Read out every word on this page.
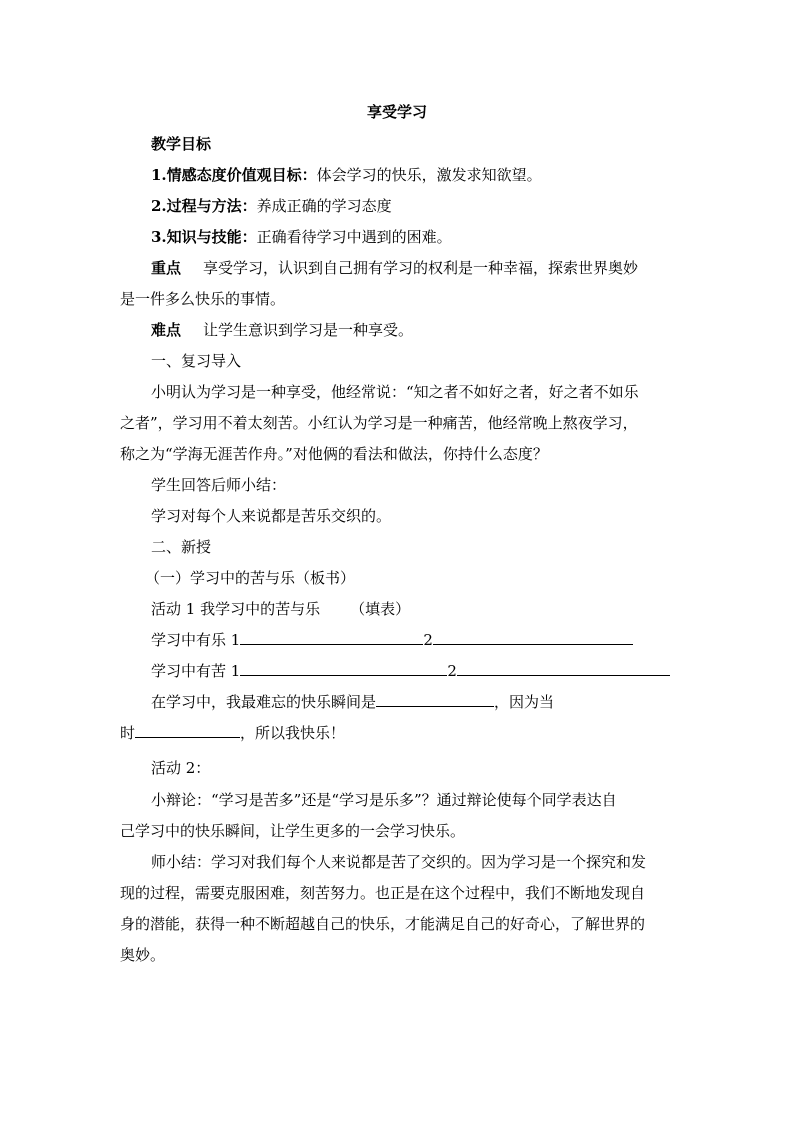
享受学习
教学目标
1.情感态度价值观目标：体会学习的快乐，激发求知欲望。
2.过程与方法：养成正确的学习态度
3.知识与技能：正确看待学习中遇到的困难。
重点 享受学习，认识到自己拥有学习的权利是一种幸福，探索世界奥妙
是一件多么快乐的事情。
难点 让学生意识到学习是一种享受。
一、复习导入
小明认为学习是一种享受，他经常说：“知之者不如好之者，好之者不如乐
之者”，学习用不着太刻苦。小红认为学习是一种痛苦，他经常晚上熬夜学习，
称之为“学海无涯苦作舟。”对他俩的看法和做法，你持什么态度？
学生回答后师小结：
学习对每个人来说都是苦乐交织的。
二、新授
（一）学习中的苦与乐（板书）
活动 1 我学习中的苦与乐 （填表）
学习中有乐 1	2
学习中有苦 1	2
在学习中，我最难忘的快乐瞬间是	，因为当
时	，所以我快乐！
活动 2：
小辩论：“学习是苦多”还是“学习是乐多”？通过辩论使每个同学表达自
己学习中的快乐瞬间，让学生更多的一会学习快乐。
师小结：学习对我们每个人来说都是苦了交织的。因为学习是一个探究和发
现的过程，需要克服困难，刻苦努力。也正是在这个过程中，我们不断地发现自
身的潜能，获得一种不断超越自己的快乐，才能满足自己的好奇心，了解世界的
奥妙。
